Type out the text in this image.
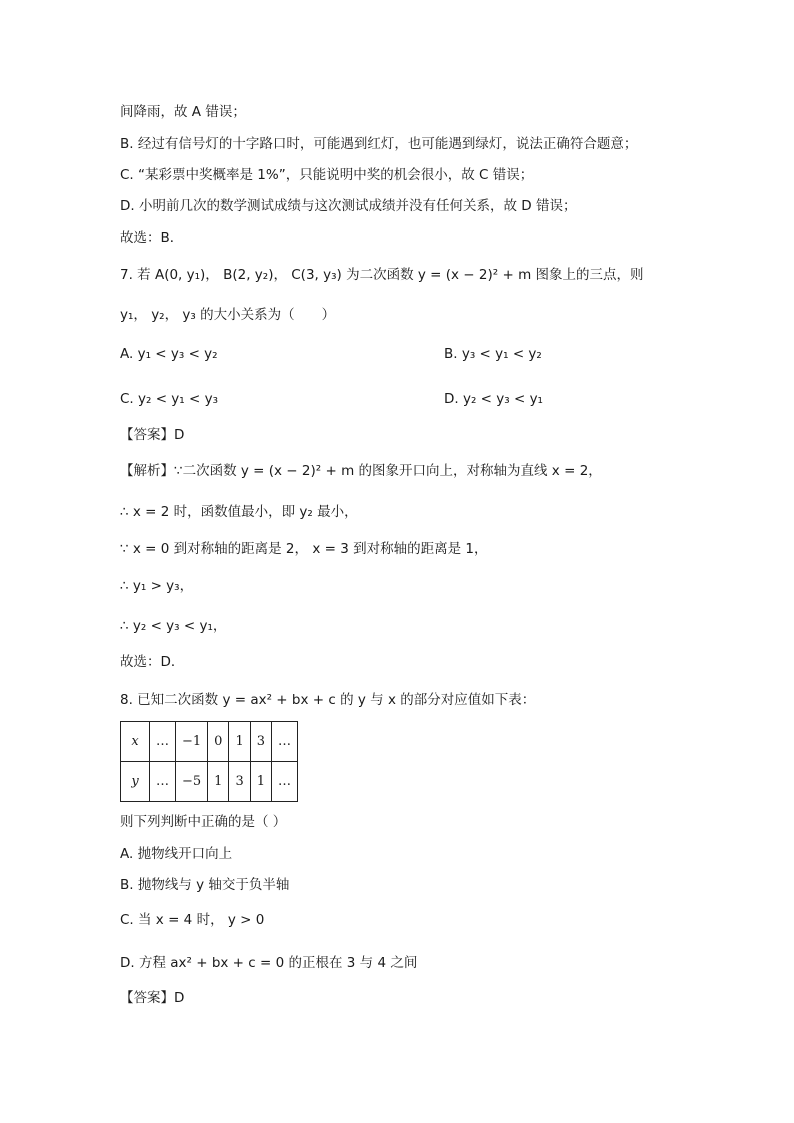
间降雨，故 A 错误；
B. 经过有信号灯的十字路口时，可能遇到红灯，也可能遇到绿灯，说法正确符合题意；
C. “某彩票中奖概率是 1%”，只能说明中奖的机会很小，故 C 错误；
D. 小明前几次的数学测试成绩与这次测试成绩并没有任何关系，故 D 错误；
故选：B．
7. 若 A(0, y₁)， B(2, y₂)， C(3, y₃) 为二次函数 y = (x − 2)² + m 图象上的三点，则
y₁， y₂， y₃ 的大小关系为（　　）
A. y₁ < y₃ < y₂	B. y₃ < y₁ < y₂
C. y₂ < y₁ < y₃	D. y₂ < y₃ < y₁
【答案】D
【解析】∵二次函数 y = (x − 2)² + m 的图象开口向上，对称轴为直线 x = 2，
∴ x = 2 时，函数值最小，即 y₂ 最小，
∵ x = 0 到对称轴的距离是 2， x = 3 到对称轴的距离是 1，
∴ y₁ > y₃，
∴ y₂ < y₃ < y₁，
故选：D．
8. 已知二次函数 y = ax² + bx + c 的 y 与 x 的部分对应值如下表：
x	…	−1	0	1	3	…
y	…	−5	1	3	1	…
则下列判断中正确的是（ ）
A. 抛物线开口向上
B. 抛物线与 y 轴交于负半轴
C. 当 x = 4 时， y > 0
D. 方程 ax² + bx + c = 0 的正根在 3 与 4 之间
【答案】D
